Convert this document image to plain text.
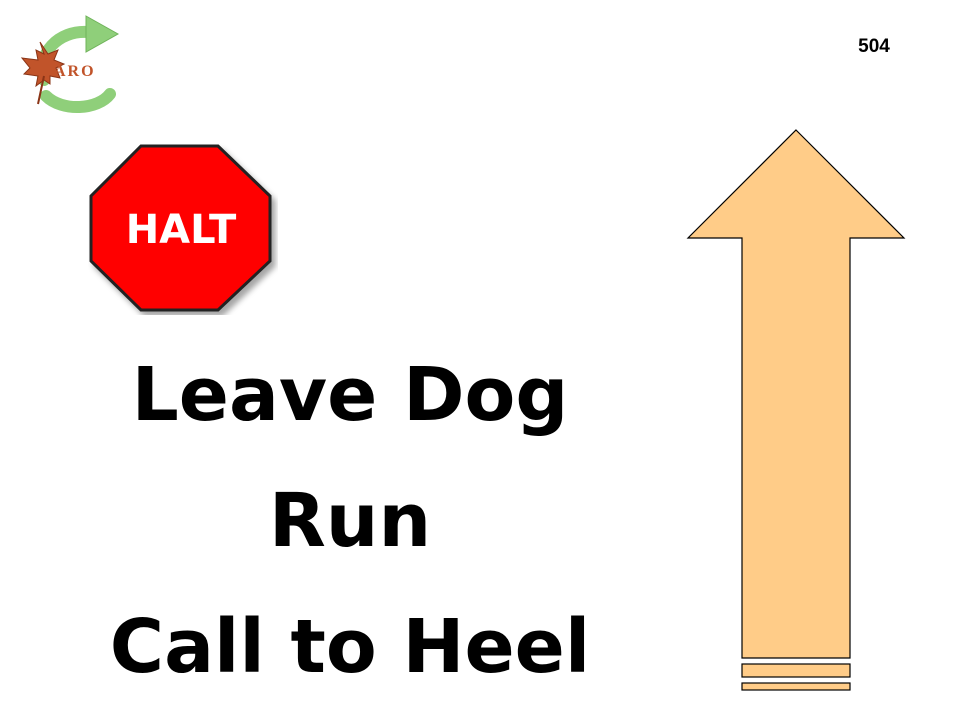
ARO
504
HALT
Leave Dog
Run
Call to Heel
